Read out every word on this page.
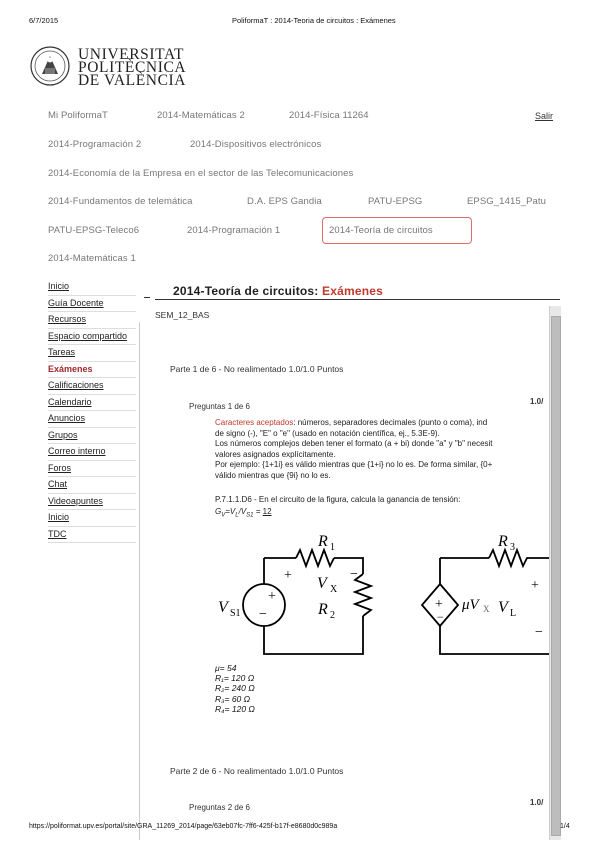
6/7/2015	PoliformaT : 2014-Teoria de circuitos : Exámenes
UNIVERSITAT
POLITÈCNICA
DE VALÈNCIA
Mi PoliformaT	2014-Matemáticas 2	2014-Física 11264	Salir
2014-Programación 2	2014-Dispositivos electrónicos
2014-Economía de la Empresa en el sector de las Telecomunicaciones
2014-Fundamentos de telemática	D.A. EPS Gandia	PATU-EPSG	EPSG_1415_Patu
PATU-EPSG-Teleco6	2014-Programación 1	2014-Teoría de circuitos
2014-Matemáticas 1
Inicio
Guía Docente
Recursos
Espacio compartido
Tareas
Exámenes
Calificaciones
Calendario
Anuncios
Grupos
Correo interno
Foros
Chat
Videoapuntes
Inicio
TDC
2014-Teoría de circuitos: Exámenes
SEM_12_BAS
Parte 1 de 6 - No realimentado 1.0/1.0 Puntos
Preguntas 1 de 6
1.0/
Caracteres aceptados: números, separadores decimales (punto o coma), ind
de signo (-), "E" o "e" (usado en notación científica, ej., 5.3E-9).
Los números complejos deben tener el formato (a + bi) donde "a" y "b" necesit
valores asignados explícitamente.
Por ejemplo: {1+1i} es válido mientras que {1+i} no lo es. De forma similar, {0+
válido mientras que {9i} no lo es.
P.7.1.1.D6 - En el circuito de la figura, calcula la ganancia de tensión:
$G_V=V_L/V_{S1} = 12$
+
−
+
−
V S1
R 1
+	−
V X
R 2
μV X
R 3
+
V L
−
μ= 54
R₁= 120 Ω
R₂= 240 Ω
R₃= 60 Ω
R₄= 120 Ω
Parte 2 de 6 - No realimentado 1.0/1.0 Puntos
Preguntas 2 de 6
1.0/
https://poliformat.upv.es/portal/site/GRA_11269_2014/page/63eb07fc-7ff6-425f-b17f-e8680d0c989a	1/4
